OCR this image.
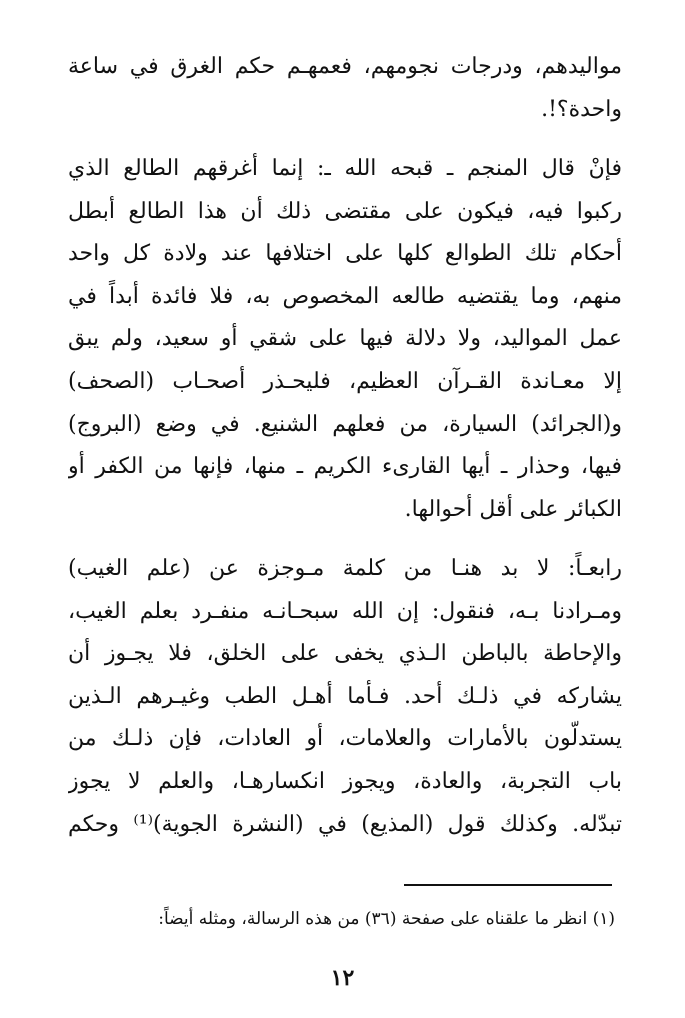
مواليدهم، ودرجات نجومهم، فعمهـم حكم الغرق في ساعة
واحدة؟!.
فإنْ قال المنجم ـ قبحه الله ـ: إنما أغرقهم الطالع الذي
ركبوا فيه، فيكون على مقتضى ذلك أن هذا الطالع أبطل
أحكام تلك الطوالع كلها على اختلافها عند ولادة كل واحد
منهم، وما يقتضيه طالعه المخصوص به، فلا فائدة أبداً في
عمل المواليد، ولا دلالة فيها على شقي أو سعيد، ولم يبق
إلا معـاندة القـرآن العظيم، فليحـذر أصحـاب (الصحف)
و(الجرائد) السيارة، من فعلهم الشنيع. في وضع (البروج)
فيها، وحذار ـ أيها القارىء الكريم ـ منها، فإنها من الكفر أو
الكبائر على أقل أحوالها.
رابعـاً: لا بد هنـا من كلمة مـوجزة عن (علم الغيب)
ومـرادنا بـه، فنقول: إن الله سبحـانـه منفـرد بعلم الغيب،
والإحاطة بالباطن الـذي يخفى على الخلق، فلا يجـوز أن
يشاركه في ذلـك أحد. فـأما أهـل الطب وغيـرهم الـذين
يستدلّون بالأمارات والعلامات، أو العادات، فإن ذلـك من
باب التجربة، والعادة، ويجوز انكسارهـا، والعلم لا يجوز
تبدّله. وكذلك قول (المذيع) في (النشرة الجوية)⁽¹⁾ وحكم
(١) انظر ما علقناه على صفحة (٣٦) من هذه الرسالة، ومثله أيضاً:
١٢
